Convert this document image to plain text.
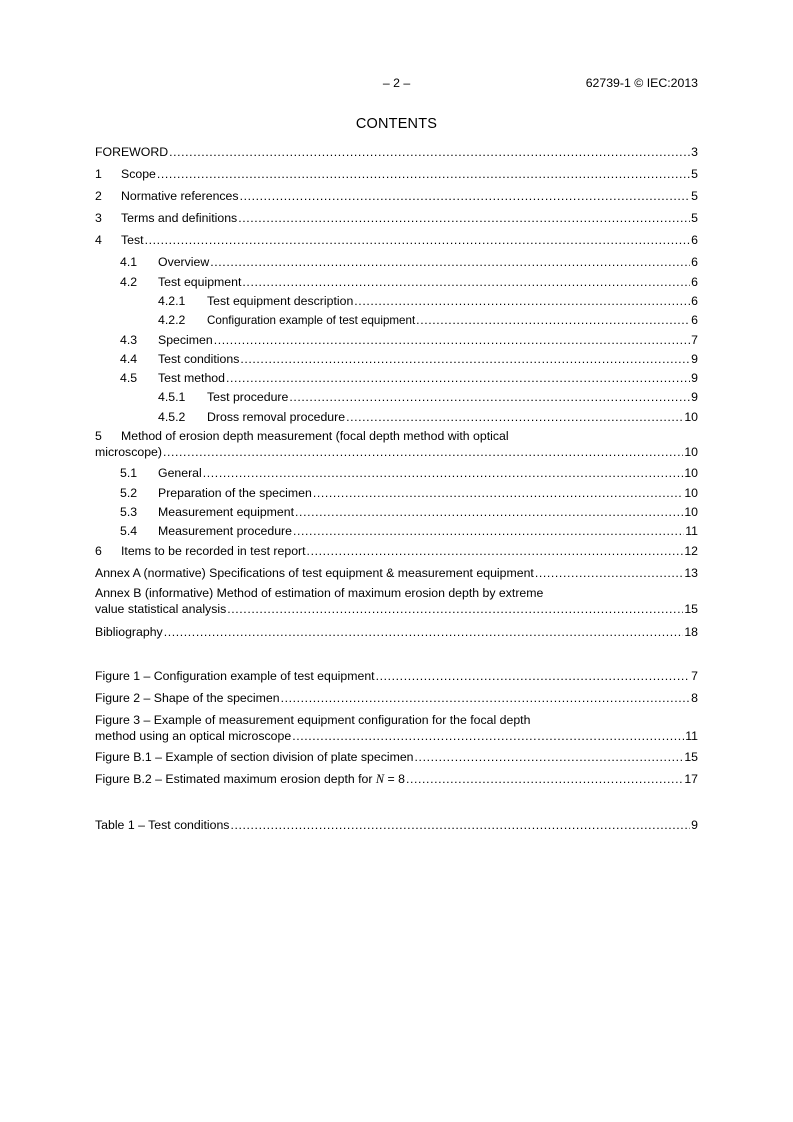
– 2 –	62739-1 © IEC:2013
CONTENTS
FOREWORD .....	3
1	Scope .....	5
2	Normative references .....	5
3	Terms and definitions .....	5
4	Test .....	6
4.1	Overview .....	6
4.2	Test equipment .....	6
4.2.1	Test equipment description .....	6
4.2.2	Configuration example of test equipment .....	6
4.3	Specimen .....	7
4.4	Test conditions .....	9
4.5	Test method .....	9
4.5.1	Test procedure .....	9
4.5.2	Dross removal procedure .....	10
5	Method of erosion depth measurement (focal depth method with optical
microscope) .....	10
5.1	General .....	10
5.2	Preparation of the specimen .....	10
5.3	Measurement equipment .....	10
5.4	Measurement procedure .....	11
6	Items to be recorded in test report .....	12
Annex A (normative) Specifications of test equipment & measurement equipment .....	13
Annex B (informative) Method of estimation of maximum erosion depth by extreme
value statistical analysis .....	15
Bibliography .....	18
Figure 1 – Configuration example of test equipment .....	7
Figure 2 – Shape of the specimen .....	8
Figure 3 – Example of measurement equipment configuration for the focal depth
method using an optical microscope .....	11
Figure B.1 – Example of section division of plate specimen .....	15
Figure B.2 – Estimated maximum erosion depth for N = 8 .....	17
Table 1 – Test conditions .....	9
